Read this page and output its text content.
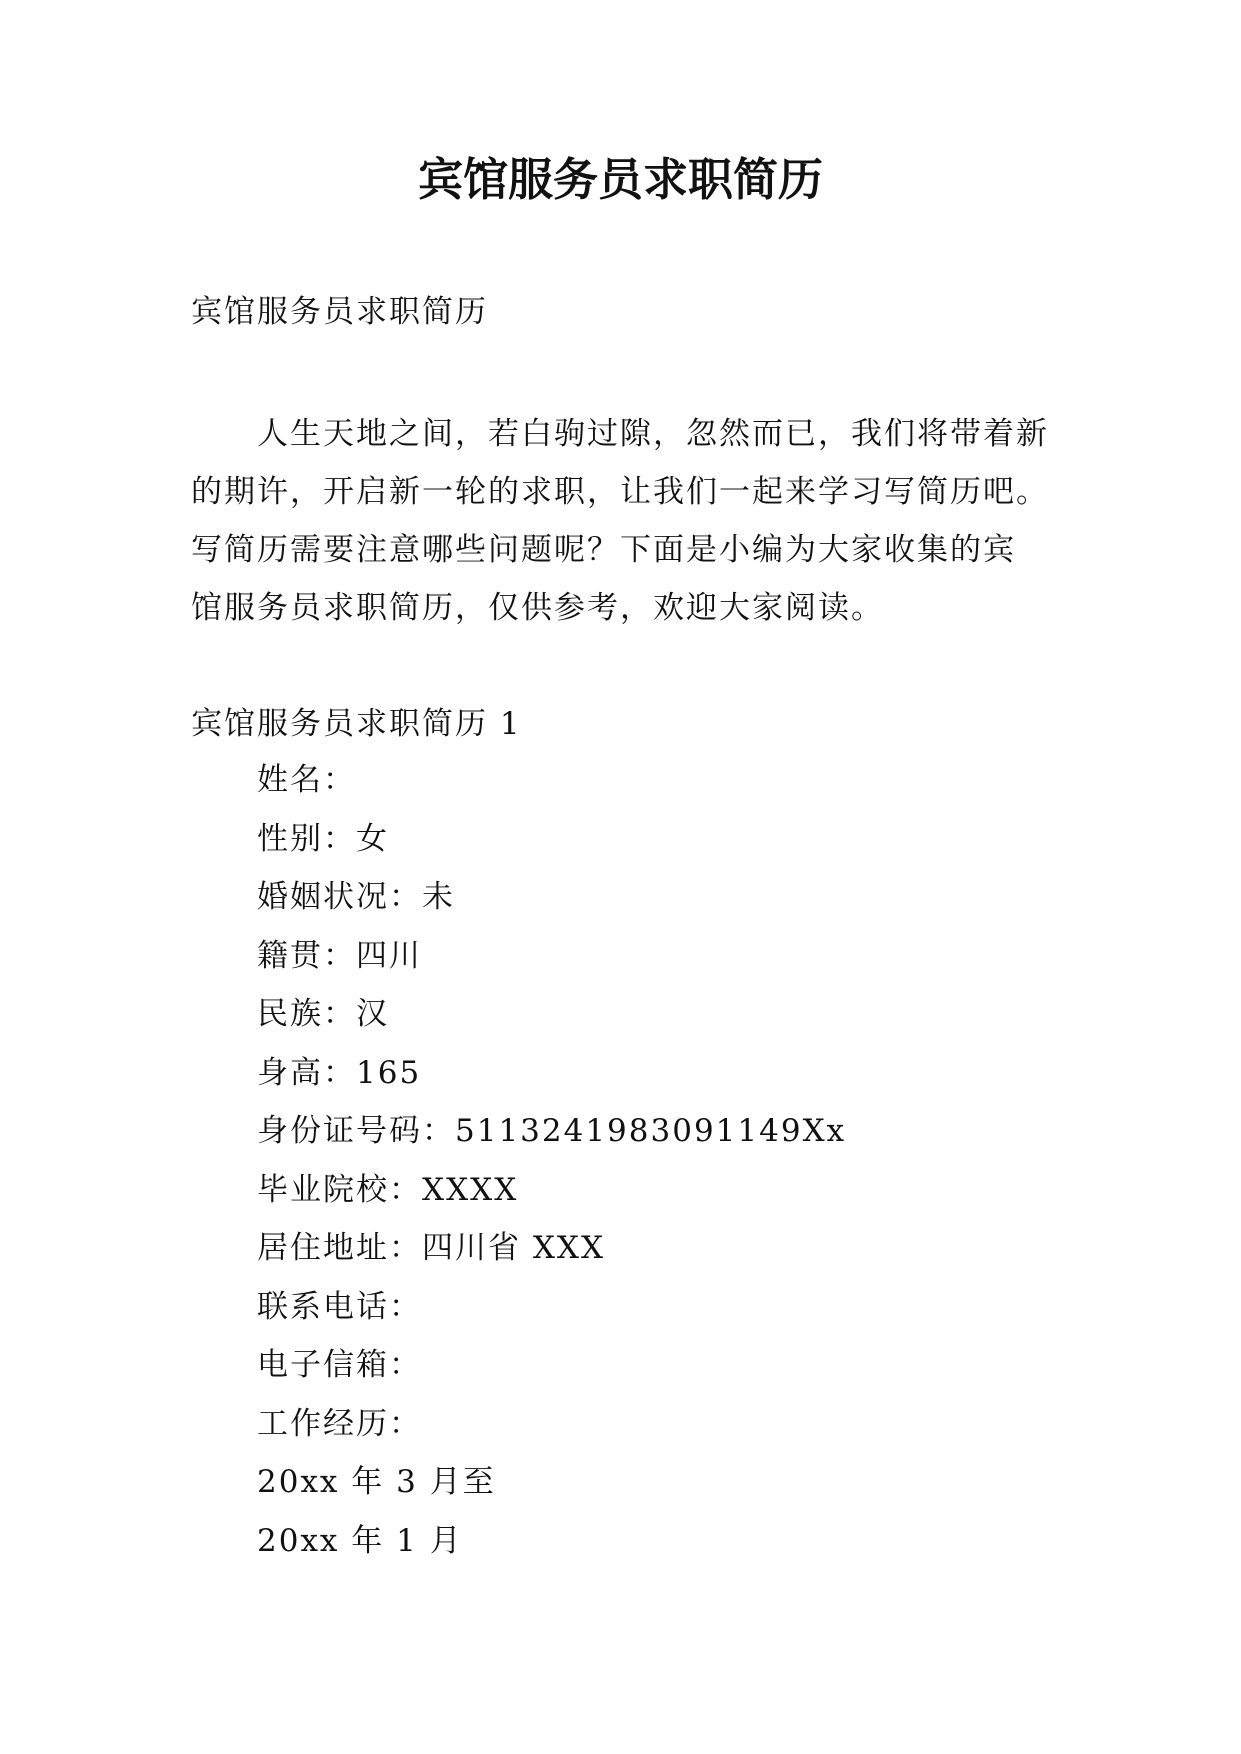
宾馆服务员求职简历

宾馆服务员求职简历

人生天地之间，若白驹过隙，忽然而已，我们将带着新
的期许，开启新一轮的求职，让我们一起来学习写简历吧。
写简历需要注意哪些问题呢？下面是小编为大家收集的宾
馆服务员求职简历，仅供参考，欢迎大家阅读。

宾馆服务员求职简历 1

姓名：
性别：女
婚姻状况：未
籍贯：四川
民族：汉
身高：165
身份证号码：5113241983091149Xx
毕业院校：XXXX
居住地址：四川省 XXX
联系电话：
电子信箱：
工作经历：
20xx 年 3 月至
20xx 年 1 月
